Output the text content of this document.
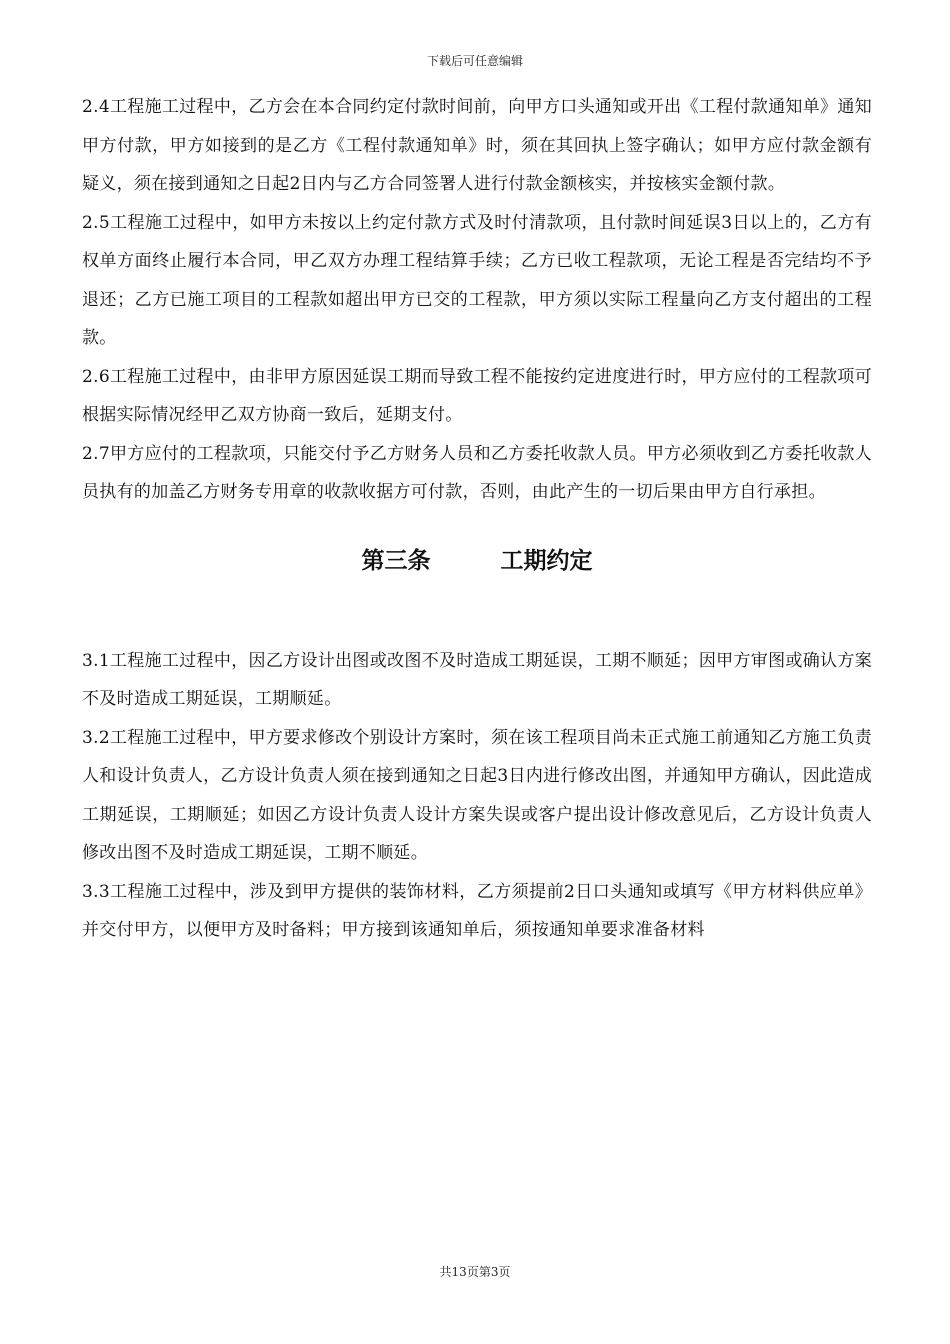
下载后可任意编辑

2.4工程施工过程中，乙方会在本合同约定付款时间前，向甲方口头通知或开出《工程付款通知单》通知甲方付款，甲方如接到的是乙方《工程付款通知单》时，须在其回执上签字确认；如甲方应付款金额有疑义，须在接到通知之日起2日内与乙方合同签署人进行付款金额核实，并按核实金额付款。

2.5工程施工过程中，如甲方未按以上约定付款方式及时付清款项，且付款时间延误3日以上的，乙方有权单方面终止履行本合同，甲乙双方办理工程结算手续；乙方已收工程款项，无论工程是否完结均不予退还；乙方已施工项目的工程款如超出甲方已交的工程款，甲方须以实际工程量向乙方支付超出的工程款。

2.6工程施工过程中，由非甲方原因延误工期而导致工程不能按约定进度进行时，甲方应付的工程款项可根据实际情况经甲乙双方协商一致后，延期支付。

2.7甲方应付的工程款项，只能交付予乙方财务人员和乙方委托收款人员。甲方必须收到乙方委托收款人员执有的加盖乙方财务专用章的收款收据方可付款，否则，由此产生的一切后果由甲方自行承担。

第三条	工期约定

3.1工程施工过程中，因乙方设计出图或改图不及时造成工期延误，工期不顺延；因甲方审图或确认方案不及时造成工期延误，工期顺延。

3.2工程施工过程中，甲方要求修改个别设计方案时，须在该工程项目尚未正式施工前通知乙方施工负责人和设计负责人，乙方设计负责人须在接到通知之日起3日内进行修改出图，并通知甲方确认，因此造成工期延误，工期顺延；如因乙方设计负责人设计方案失误或客户提出设计修改意见后，乙方设计负责人修改出图不及时造成工期延误，工期不顺延。

3.3工程施工过程中，涉及到甲方提供的装饰材料，乙方须提前2日口头通知或填写《甲方材料供应单》并交付甲方，以便甲方及时备料；甲方接到该通知单后，须按通知单要求准备材料

共13页第3页
